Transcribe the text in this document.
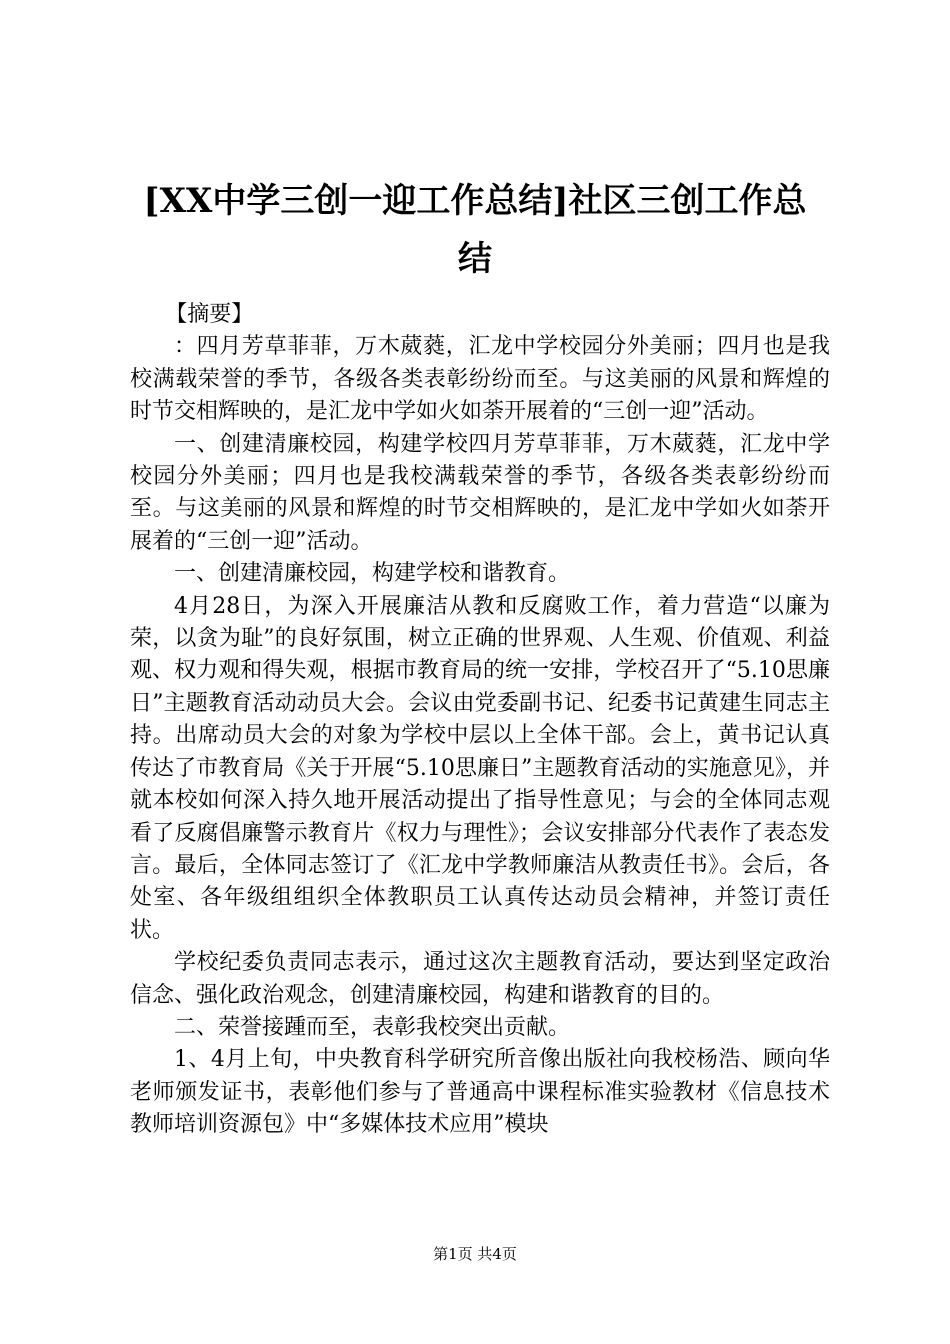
[XX中学三创一迎工作总结]社区三创工作总
结

【摘要】

：四月芳草菲菲，万木葳蕤，汇龙中学校园分外美丽；四月也是我校满载荣誉的季节，各级各类表彰纷纷而至。与这美丽的风景和辉煌的时节交相辉映的，是汇龙中学如火如荼开展着的“三创一迎”活动。

一、创建清廉校园，构建学校四月芳草菲菲，万木葳蕤，汇龙中学校园分外美丽；四月也是我校满载荣誉的季节，各级各类表彰纷纷而至。与这美丽的风景和辉煌的时节交相辉映的，是汇龙中学如火如荼开展着的“三创一迎”活动。

一、创建清廉校园，构建学校和谐教育。

4月28日，为深入开展廉洁从教和反腐败工作，着力营造“以廉为荣，以贪为耻”的良好氛围，树立正确的世界观、人生观、价值观、利益观、权力观和得失观，根据市教育局的统一安排，学校召开了“5.10思廉日”主题教育活动动员大会。会议由党委副书记、纪委书记黄建生同志主持。出席动员大会的对象为学校中层以上全体干部。会上，黄书记认真传达了市教育局《关于开展“5.10思廉日”主题教育活动的实施意见》，并就本校如何深入持久地开展活动提出了指导性意见；与会的全体同志观看了反腐倡廉警示教育片《权力与理性》；会议安排部分代表作了表态发言。最后，全体同志签订了《汇龙中学教师廉洁从教责任书》。会后，各处室、各年级组组织全体教职员工认真传达动员会精神，并签订责任状。

学校纪委负责同志表示，通过这次主题教育活动，要达到坚定政治信念、强化政治观念，创建清廉校园，构建和谐教育的目的。

二、荣誉接踵而至，表彰我校突出贡献。

1、4月上旬，中央教育科学研究所音像出版社向我校杨浩、顾向华老师颁发证书，表彰他们参与了普通高中课程标准实验教材《信息技术教师培训资源包》中“多媒体技术应用”模块

第1页 共4页
